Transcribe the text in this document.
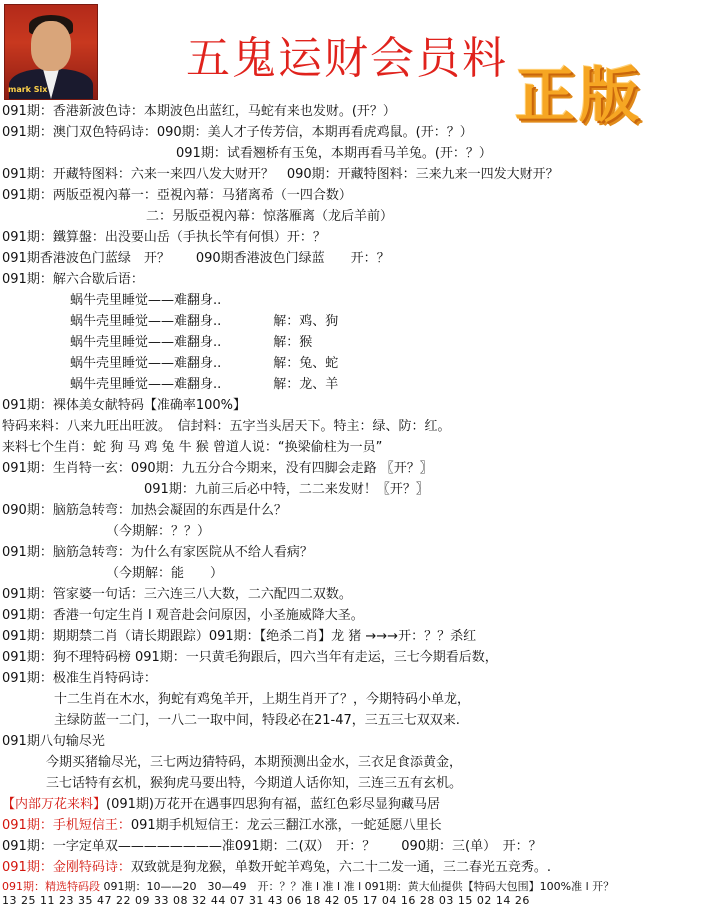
mark Six
五鬼运财会员料
正版
091期：香港新波色诗：本期波色出蓝红，马蛇有来也发财。(开？）
091期：澳门双色特码诗：090期：美人才子传芳信，本期再看虎鸡鼠。(开：？）
091期：试看翘桥有玉兔，本期再看马羊兔。(开：？）
091期：开藏特图料：六来一来四八发大财开？　090期：开藏特图料：三来九来一四发大财开？
091期：两版亞視內幕一：亞視內幕：马猪离希（一四合数）
二：另版亞視內幕：惊落雁离（龙后羊前）
091期：鐵算盤：出没要山岳（手执长竿有何惧）开：？
091期香港波色门蓝绿　开？　　090期香港波色门绿蓝　　开：？
091期：解六合歇后语：
蜗牛壳里睡觉——难翻身..
蜗牛壳里睡觉——难翻身..　　　　解：鸡、狗
蜗牛壳里睡觉——难翻身..　　　　解：猴
蜗牛壳里睡觉——难翻身..　　　　解：兔、蛇
蜗牛壳里睡觉——难翻身..　　　　解：龙、羊
091期：裸体美女献特码【准确率100%】
特码来料：八来九旺出旺波。　信封料：五字当头居天下。特主：绿、防：红。
来料七个生肖：蛇 狗 马 鸡 兔 牛 猴 曾道人说：“换梁偷柱为一员”
091期：生肖特一玄：090期：九五分合今期来，没有四脚会走路 〖开？〗
091期：九前三后必中特，二二来发财！〖开？〗
090期：脑筋急转弯：加热会凝固的东西是什么？
（今期解：？？）
091期：脑筋急转弯：为什么有家医院从不给人看病？
（今期解：能　　）
091期：管家婆一句话：三六连三八大数，二六配四二双数。
091期：香港一句定生肖 l 观音赴会问原因，小圣施威降大圣。
091期：期期禁二肖（请长期跟踪）091期：【绝杀二肖】龙 猪 →→→开：？？杀红
091期：狗不理特码榜 091期：一只黄毛狗跟后，四六当年有走运，三七今期看后数，
091期：极准生肖特码诗：
十二生肖在木水，狗蛇有鸡兔羊开，上期生肖开了？，今期特码小单龙，
主绿防蓝一二门，一八二一取中间，特段必在21-47，三五三七双双来.
091期八句输尽光
今期买猪输尽光，三七两边猜特码，本期预测出金水，三衣足食添黄金，
三七话特有玄机，猴狗虎马要出特，今期道人话你知，三连三五有玄机。
【内部万花来料】(091期)万花开在遇事四思狗有福，蓝红色彩尽显狗藏马居
091期：手机短信王：091期手机短信王：龙云三翻江水涨，一蛇延愿八里长
091期：一字定单双————————准091期：二(双）　开：？　　090期：三(单）　开：？
091期：金刚特码诗：双致就是狗龙猴，单数开蛇羊鸡兔，六二十二发一通，三二春光五竞秀。.
091期：精选特码段 091期：10——20　30—49　开：？？准 l 准 l 准 l 091期：黄大仙提供【特码大包围】100%准 l 开？
13 25 11 23 35 47 22 09 33 08 32 44 07 31 43 06 18 42 05 17 04 16 28 03 15 02 14 26
